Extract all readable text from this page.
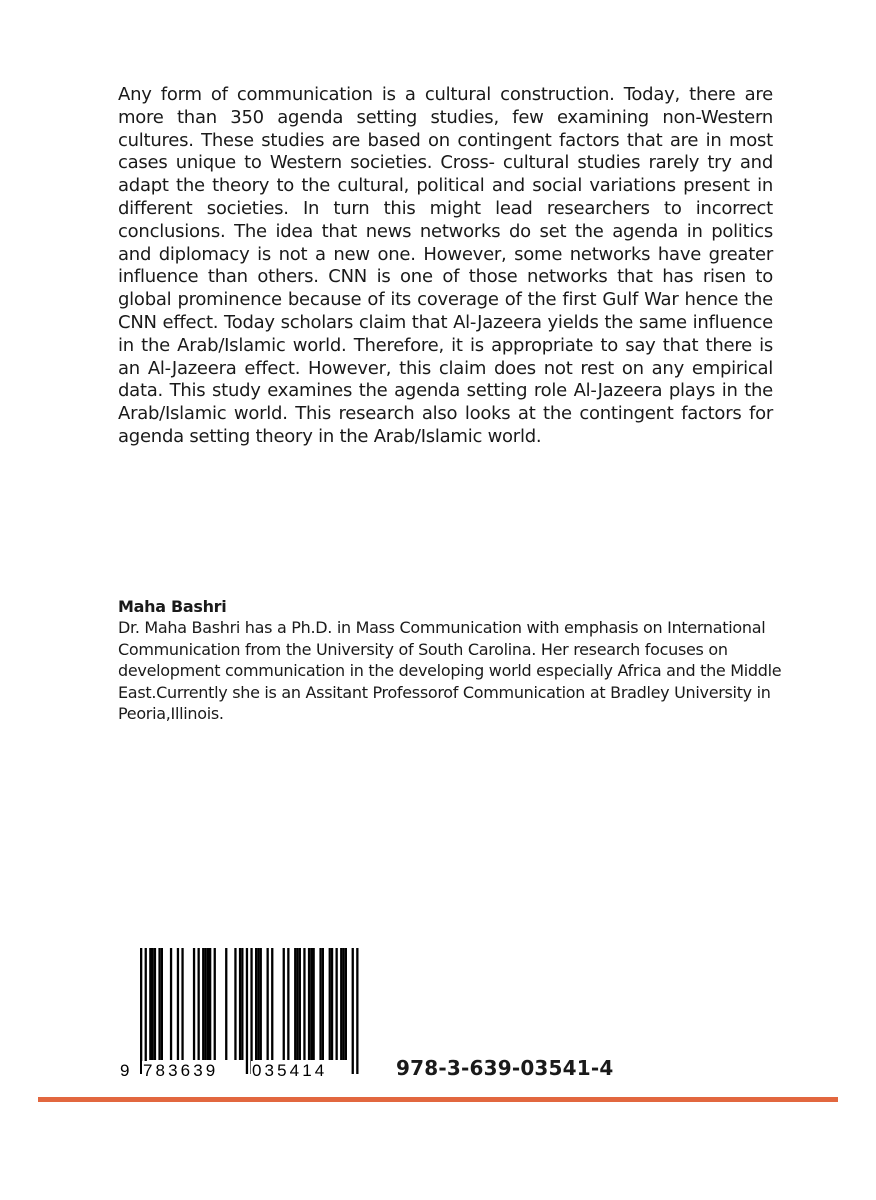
Any form of communication is a cultural construction. Today, there are more than 350 agenda setting studies, few examining non-Western cultures. These studies are based on contingent factors that are in most cases unique to Western societies. Cross- cultural studies rarely try and adapt the theory to the cultural, political and social variations present in different societies. In turn this might lead researchers to incorrect conclusions. The idea that news networks do set the agenda in politics and diplomacy is not a new one. However, some networks have greater influence than others. CNN is one of those networks that has risen to global prominence because of its coverage of the first Gulf War hence the CNN effect. Today scholars claim that Al-Jazeera yields the same influence in the Arab/Islamic world. Therefore, it is appropriate to say that there is an Al-Jazeera effect. However, this claim does not rest on any empirical data. This study examines the agenda setting role Al-Jazeera plays in the Arab/Islamic world. This research also looks at the contingent factors for agenda setting theory in the Arab/Islamic world.

Maha Bashri

Dr. Maha Bashri has a Ph.D. in Mass Communication with emphasis on International Communication from the University of South Carolina. Her research focuses on development communication in the developing world especially Africa and the Middle East.Currently she is an Assitant Professorof Communication at Bradley University in Peoria,Illinois.

9 783639 035414	978-3-639-03541-4
